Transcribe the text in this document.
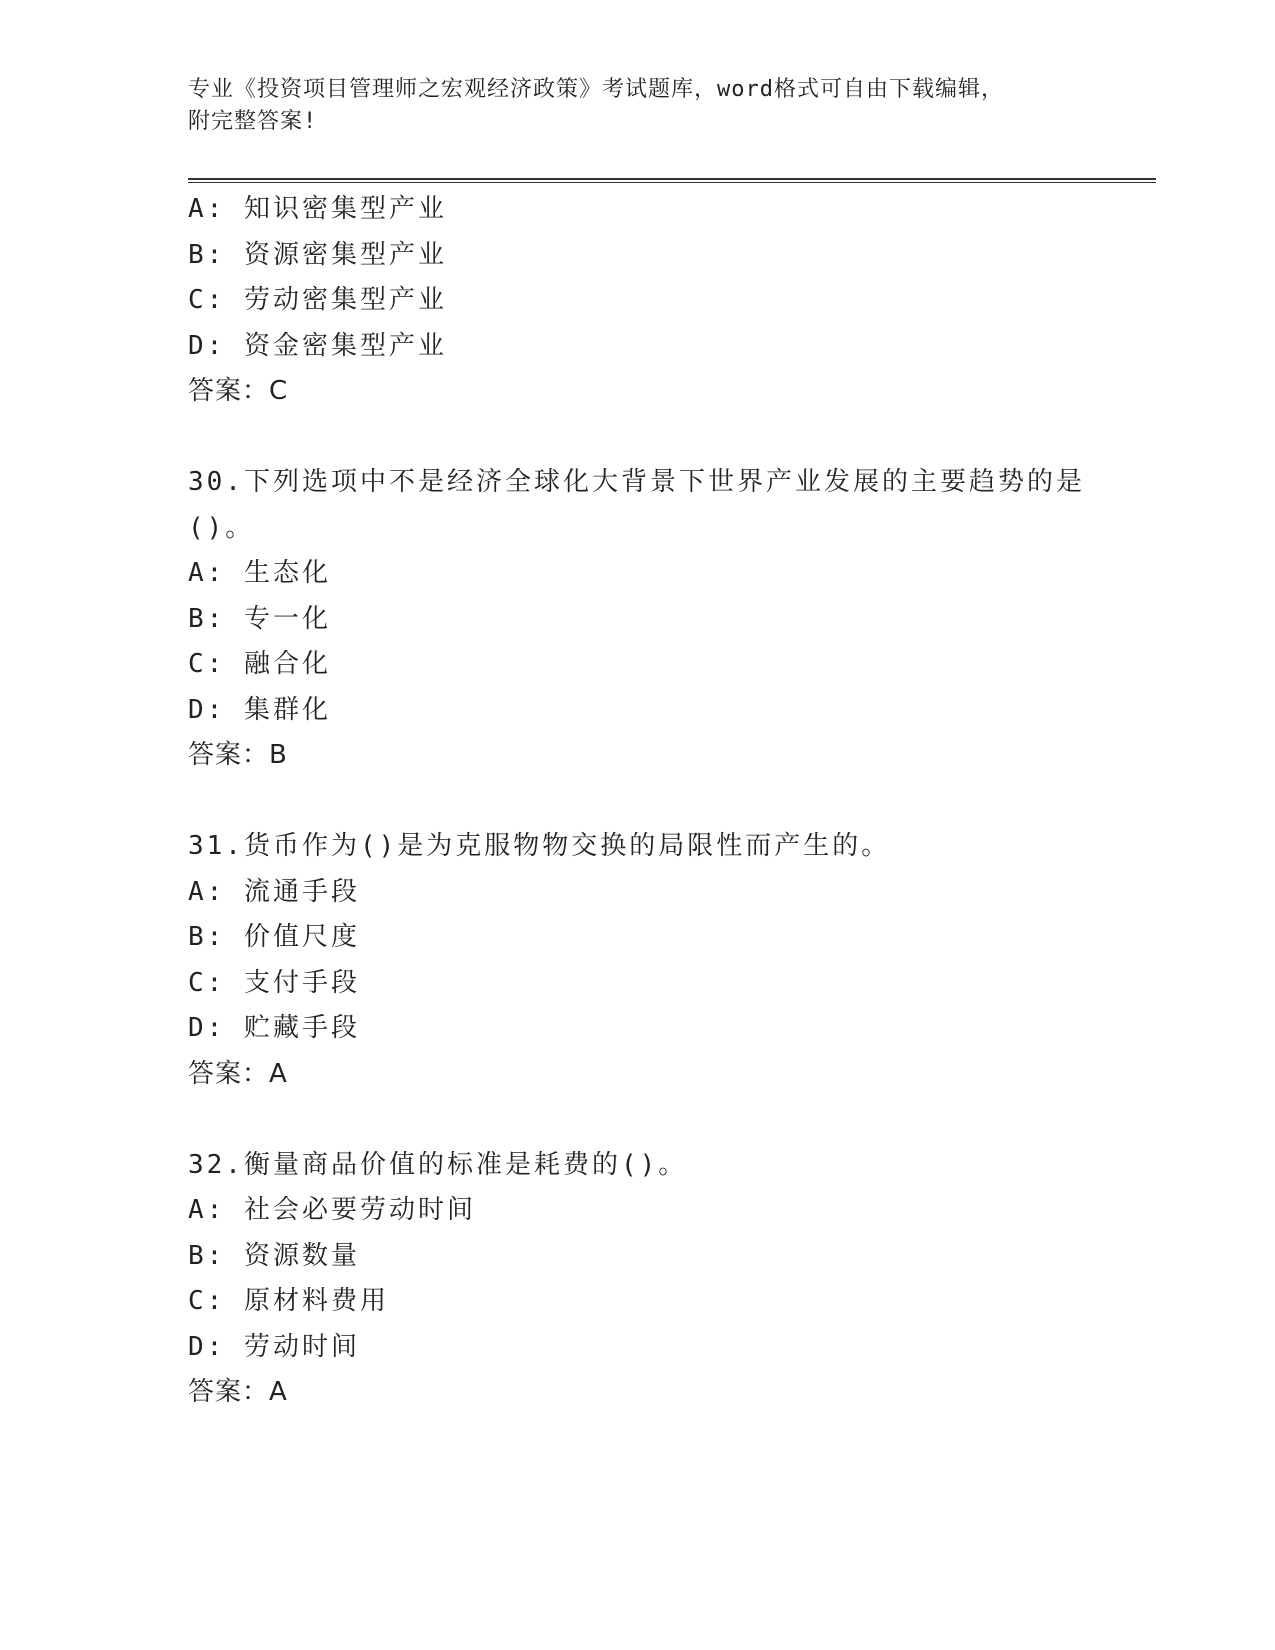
专业《投资项目管理师之宏观经济政策》考试题库，word格式可自由下载编辑，
附完整答案!
A: 知识密集型产业
B: 资源密集型产业
C: 劳动密集型产业
D: 资金密集型产业
答案：C
30.下列选项中不是经济全球化大背景下世界产业发展的主要趋势的是
()。
A: 生态化
B: 专一化
C: 融合化
D: 集群化
答案：B
31.货币作为()是为克服物物交换的局限性而产生的。
A: 流通手段
B: 价值尺度
C: 支付手段
D: 贮藏手段
答案：A
32.衡量商品价值的标准是耗费的()。
A: 社会必要劳动时间
B: 资源数量
C: 原材料费用
D: 劳动时间
答案：A
